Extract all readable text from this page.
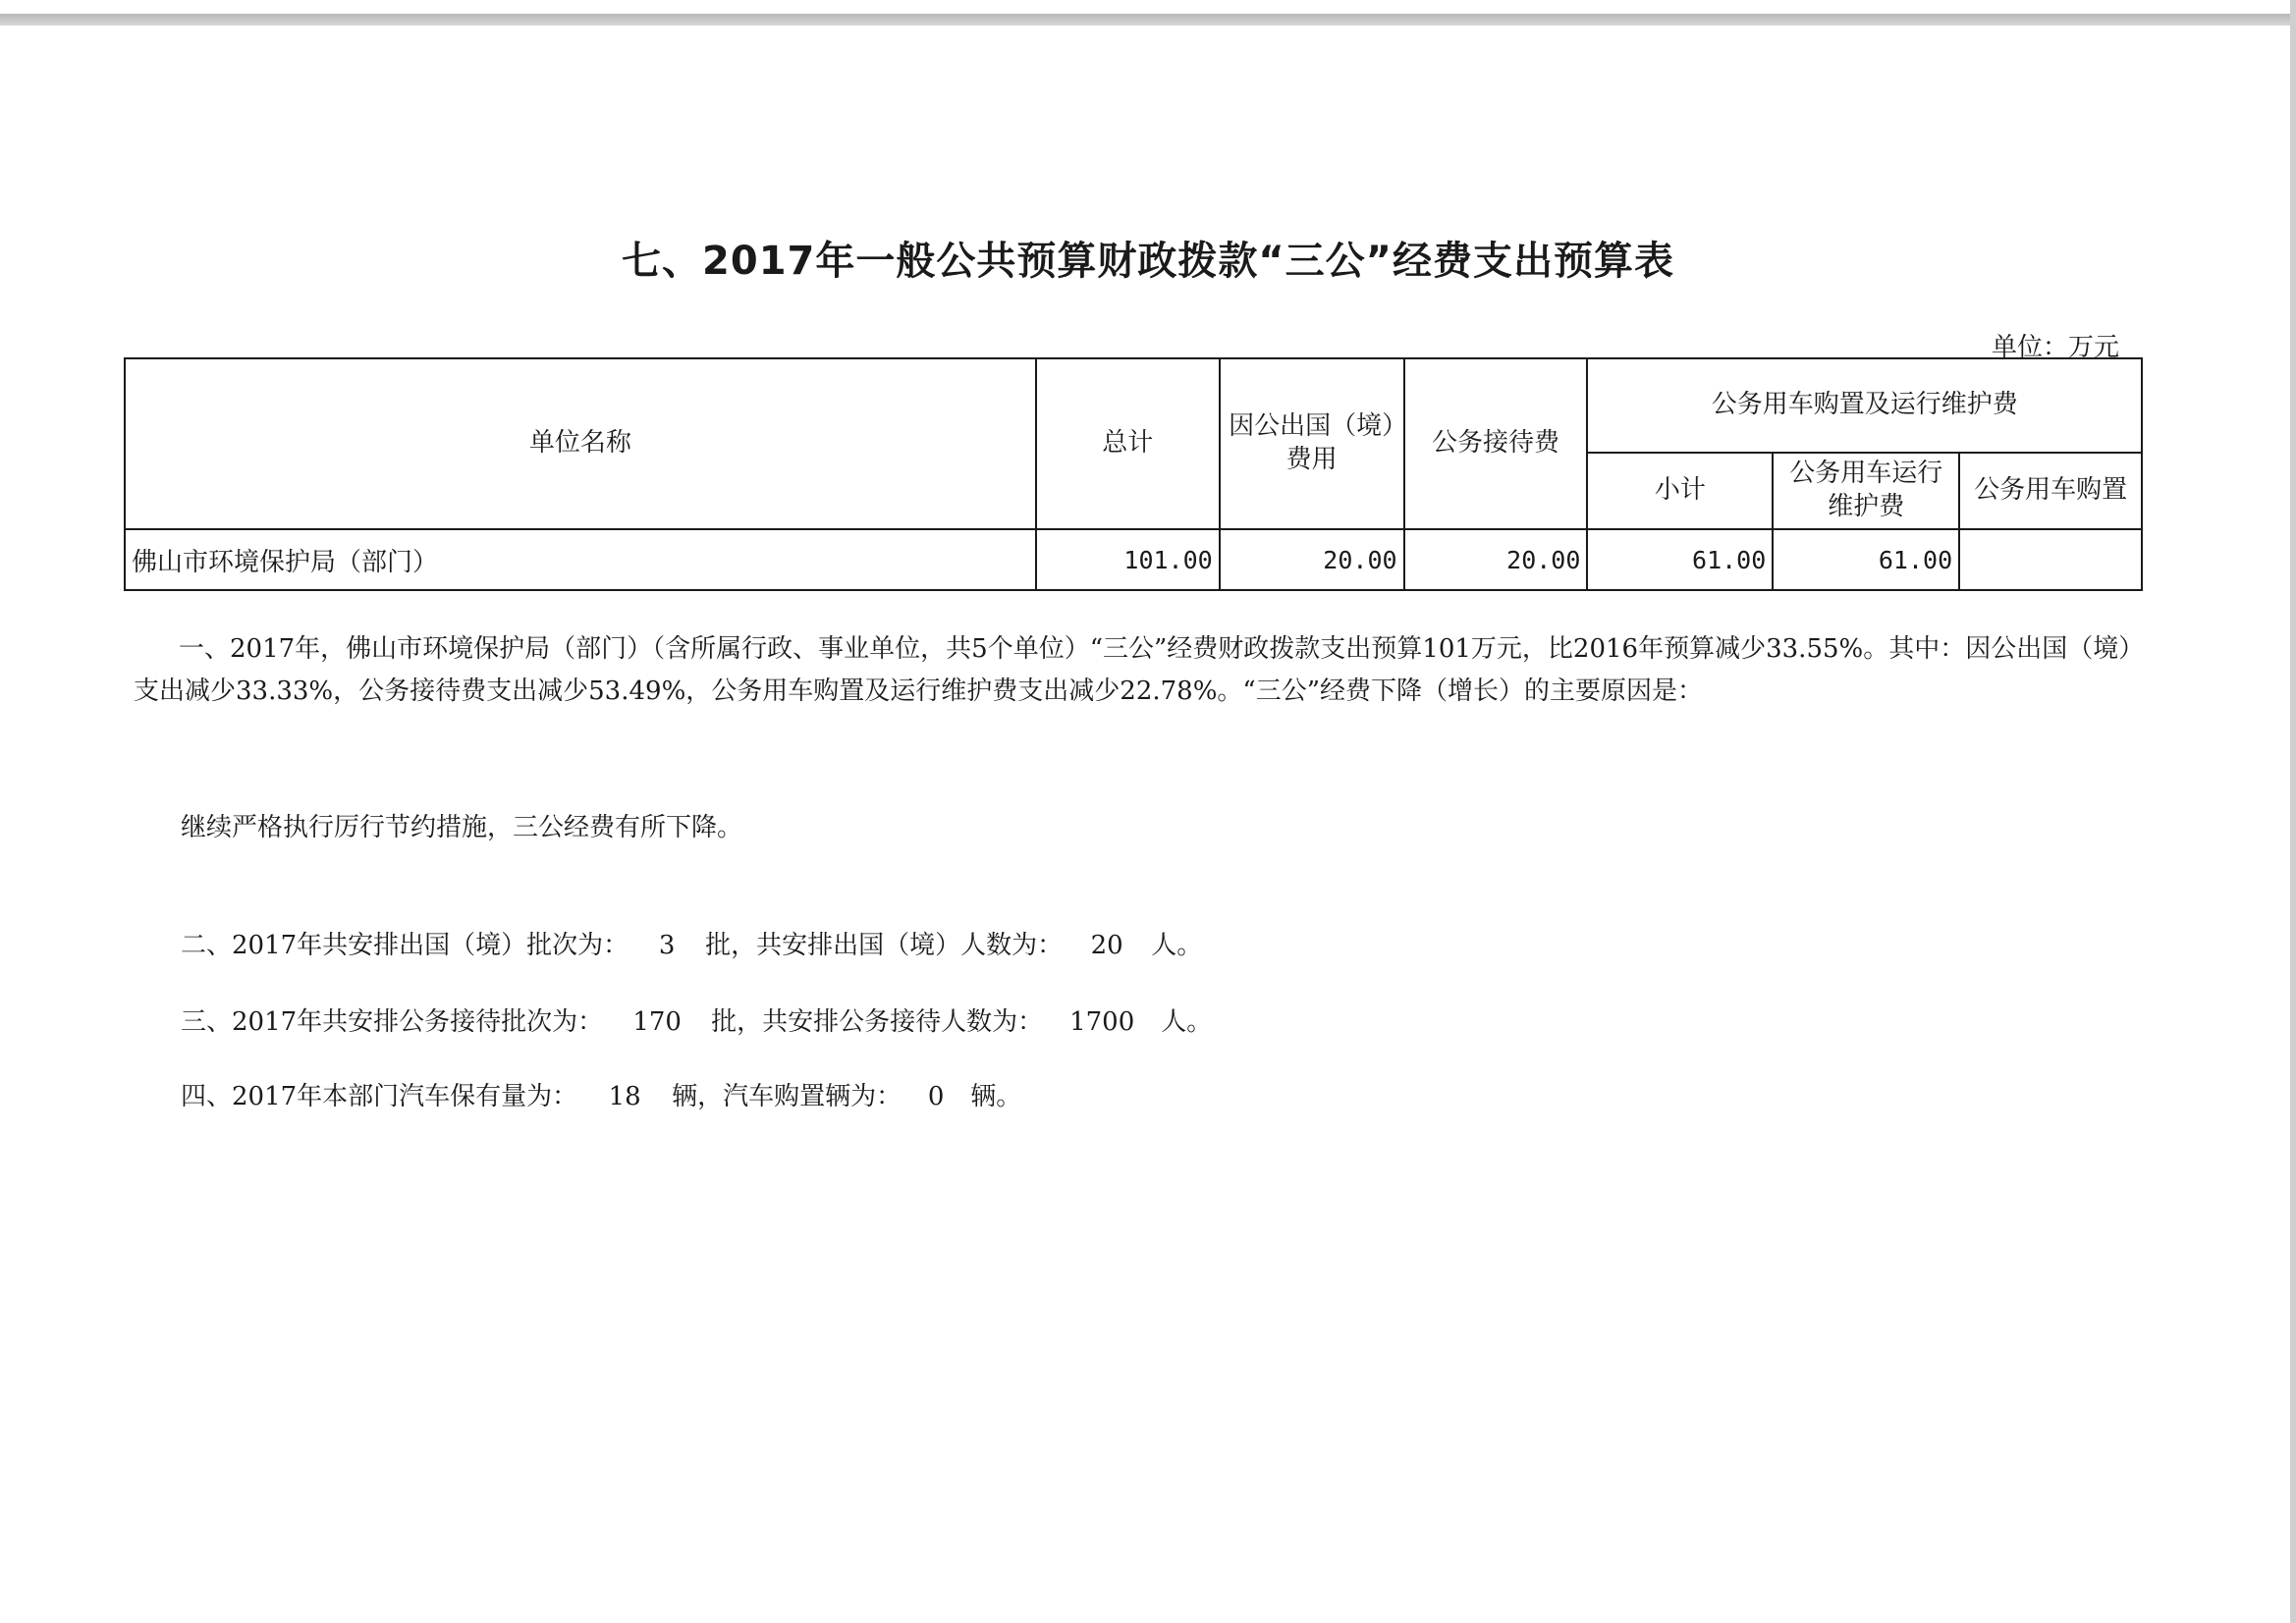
七、2017年一般公共预算财政拨款“三公”经费支出预算表
单位：万元
单位名称	总计	因公出国（境）费用	公务接待费	公务用车购置及运行维护费		
				小计	公务用车运行维护费	公务用车购置
佛山市环境保护局（部门）	101.00	20.00	20.00	61.00	61.00	

一、2017年，佛山市环境保护局（部门）（含所属行政、事业单位，共5个单位）“三公”经费财政拨款支出预算101万元，比2016年预算减少33.55%。其中：因公出国（境）支出减少33.33%，公务接待费支出减少53.49%，公务用车购置及运行维护费支出减少22.78%。“三公”经费下降（增长）的主要原因是：

继续严格执行厉行节约措施，三公经费有所下降。

二、2017年共安排出国（境）批次为： 3 批，共安排出国（境）人数为： 20 人。

三、2017年共安排公务接待批次为： 170 批，共安排公务接待人数为： 1700 人。

四、2017年本部门汽车保有量为： 18 辆，汽车购置辆为： 0 辆。
